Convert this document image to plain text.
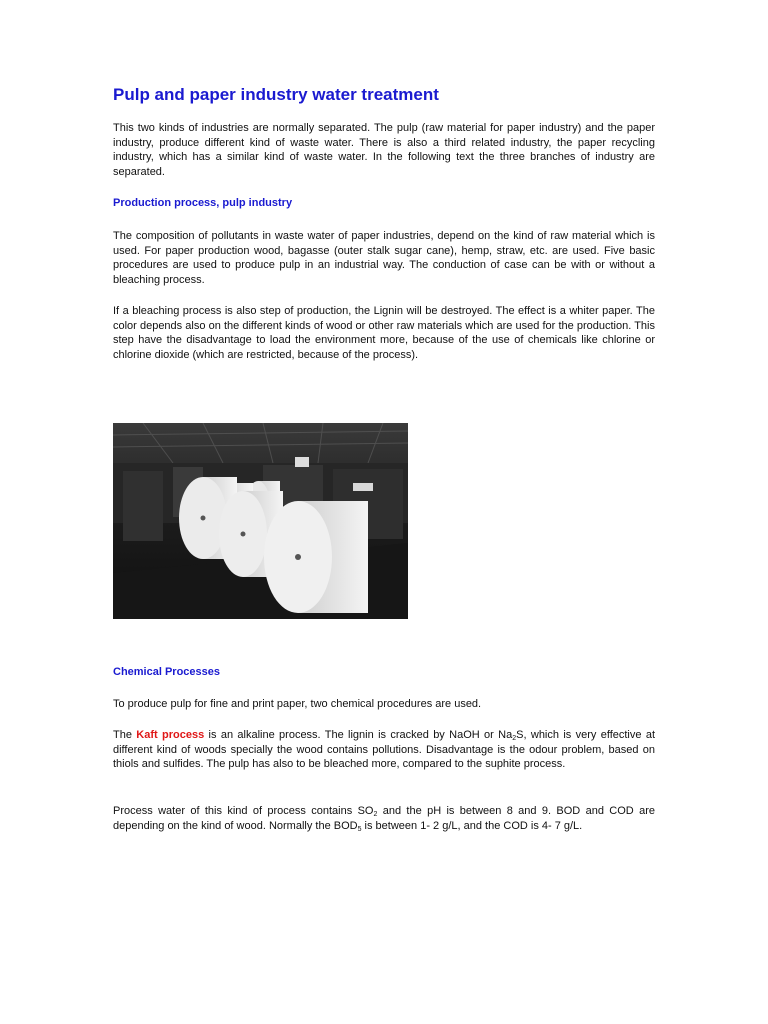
Pulp and paper industry water treatment

This two kinds of industries are normally separated. The pulp (raw material for paper industry) and the paper industry, produce different kind of waste water. There is also a third related industry, the paper recycling industry, which has a similar kind of waste water. In the following text the three branches of industry are separated.

Production process, pulp industry

The composition of pollutants in waste water of paper industries, depend on the kind of raw material which is used. For paper production wood, bagasse (outer stalk sugar cane), hemp, straw, etc. are used. Five basic procedures are used to produce pulp in an industrial way. The conduction of case can be with or without a bleaching process.

If a bleaching process is also step of production, the Lignin will be destroyed. The effect is a whiter paper. The color depends also on the different kinds of wood or other raw materials which are used for the production. This step have the disadvantage to load the environment more, because of the use of chemicals like chlorine or chlorine dioxide (which are restricted, because of the process).

Chemical Processes

To produce pulp for fine and print paper, two chemical procedures are used.

The Kaft process is an alkaline process. The lignin is cracked by NaOH or $Na_2S$, which is very effective at different kind of woods specially the wood contains pollutions. Disadvantage is the odour problem, based on thiols and sulfides. The pulp has also to be bleached more, compared to the suphite process.

Process water of this kind of process contains $SO_2$ and the pH is between 8 and 9. BOD and COD are depending on the kind of wood. Normally the $BOD_5$ is between 1- 2 g/L, and the COD is 4- 7 g/L.
